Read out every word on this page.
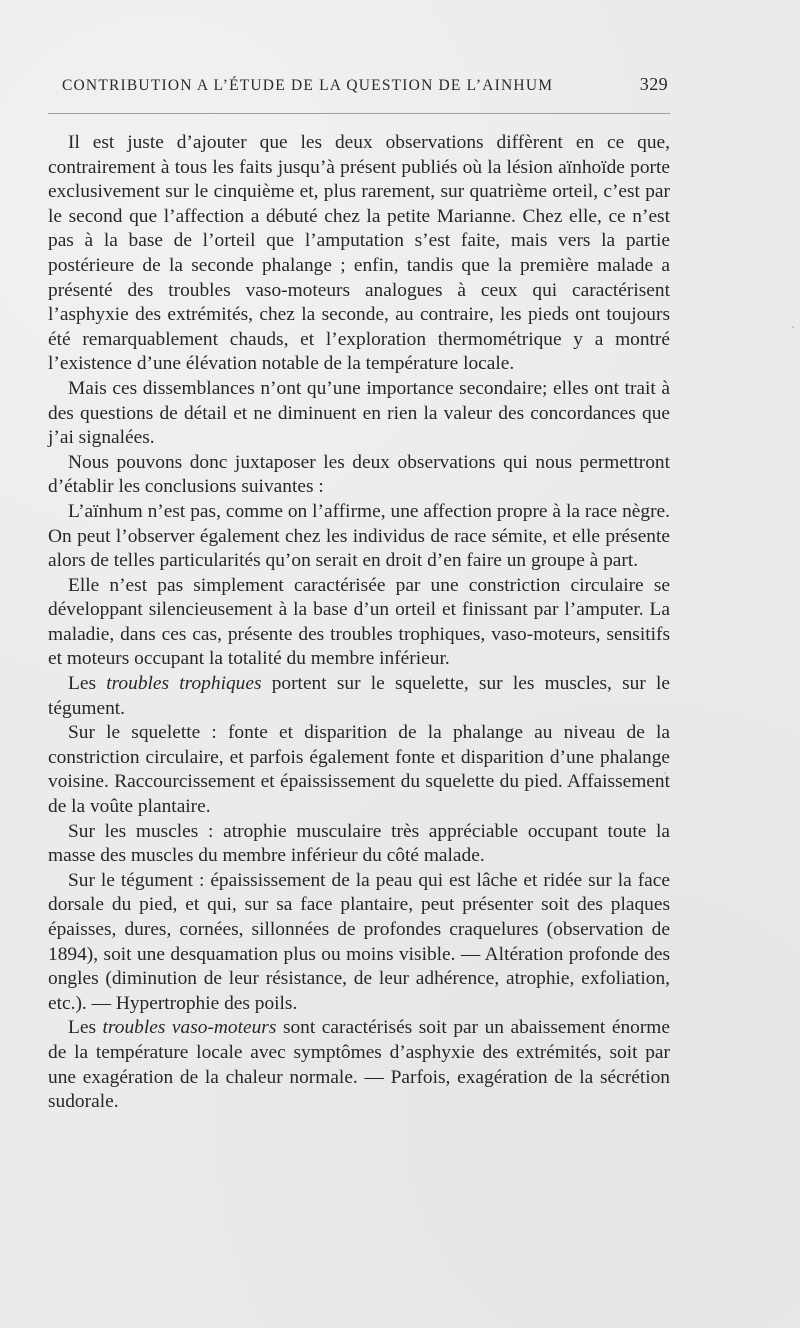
CONTRIBUTION A L’ÉTUDE DE LA QUESTION DE L’AINHUM	329

Il est juste d’ajouter que les deux observations diffèrent en ce que, contrairement à tous les faits jusqu’à présent publiés où la lésion aïnhoïde porte exclusivement sur le cinquième et, plus rarement, sur quatrième orteil, c’est par le second que l’affection a débuté chez la petite Marianne. Chez elle, ce n’est pas à la base de l’orteil que l’amputation s’est faite, mais vers la partie postérieure de la seconde phalange ; enfin, tandis que la première malade a présenté des troubles vaso-moteurs analogues à ceux qui caractérisent l’asphyxie des extrémités, chez la seconde, au contraire, les pieds ont toujours été remarquablement chauds, et l’exploration thermométrique y a montré l’existence d’une élévation notable de la température locale.

Mais ces dissemblances n’ont qu’une importance secondaire; elles ont trait à des questions de détail et ne diminuent en rien la valeur des concordances que j’ai signalées.

Nous pouvons donc juxtaposer les deux observations qui nous permettront d’établir les conclusions suivantes :

L’aïnhum n’est pas, comme on l’affirme, une affection propre à la race nègre. On peut l’observer également chez les individus de race sémite, et elle présente alors de telles particularités qu’on serait en droit d’en faire un groupe à part.

Elle n’est pas simplement caractérisée par une constriction circulaire se développant silencieusement à la base d’un orteil et finissant par l’amputer. La maladie, dans ces cas, présente des troubles trophiques, vaso-moteurs, sensitifs et moteurs occupant la totalité du membre inférieur.

Les troubles trophiques portent sur le squelette, sur les muscles, sur le tégument.

Sur le squelette : fonte et disparition de la phalange au niveau de la constriction circulaire, et parfois également fonte et disparition d’une phalange voisine. Raccourcissement et épaississement du squelette du pied. Affaissement de la voûte plantaire.

Sur les muscles : atrophie musculaire très appréciable occupant toute la masse des muscles du membre inférieur du côté malade.

Sur le tégument : épaississement de la peau qui est lâche et ridée sur la face dorsale du pied, et qui, sur sa face plantaire, peut présenter soit des plaques épaisses, dures, cornées, sillonnées de profondes craquelures (observation de 1894), soit une desquamation plus ou moins visible. — Altération profonde des ongles (diminution de leur résistance, de leur adhérence, atrophie, exfoliation, etc.). — Hypertrophie des poils.

Les troubles vaso-moteurs sont caractérisés soit par un abaissement énorme de la température locale avec symptômes d’asphyxie des extrémités, soit par une exagération de la chaleur normale. — Parfois, exagération de la sécrétion sudorale.
